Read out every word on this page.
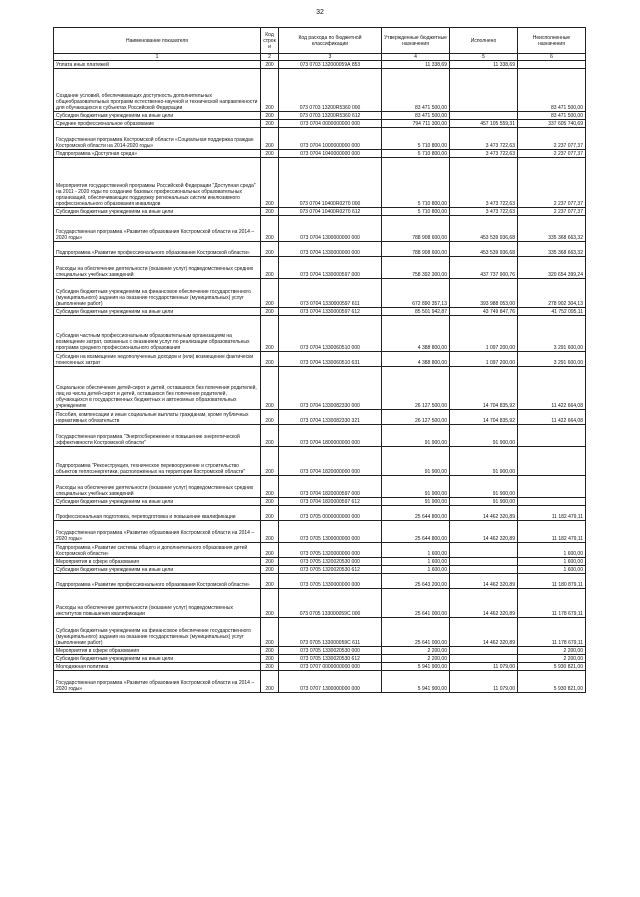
32
Наименование показателя	Код строк и	Код расхода по бюджетной классификации	Утвержденные бюджетные назначения	Исполнено	Неисполненные назначения
1	2	3	4	5	6
Уплата иных платежей	200	073 0703 132000059А 853	11 338,69	11 338,69	
Создание условий, обеспечивающих доступность дополнительных общеобразовательных программ естественно-научной и технической направленности для обучающихся в субъектах Российской Федерации	200	073 0703 13200R5360 000	83 471 500,00		83 471 500,00
Субсидии бюджетным учреждениям на иные цели	200	073 0703 13200R5360 612	83 471 500,00		83 471 500,00
Среднее профессиональное образование	200	073 0704 0000000000 000	794 711 300,00	457 105 559,31	337 605 740,69
Государственная программа Костромской области «Социальная поддержка граждан Костромской области на 2014-2020 годы»	200	073 0704 1000000000 000	5 710 800,00	3 473 722,63	2 237 077,37
Подпрограмма «Доступная среда»	200	073 0704 1040000000 000	5 710 800,00	3 473 722,63	2 237 077,37
Мероприятия государственной программы Российской Федерации "Доступная среда" на 2011 - 2020 годы по созданию базовых профессиональных образовательных организаций, обеспечивающих поддержку региональных систем инклюзивного профессионального образования инвалидов	200	073 0704 10400R0270 000	5 710 800,00	3 473 722,63	2 237 077,37
Субсидии бюджетным учреждениям на иные цели	200	073 0704 10400R0270 612	5 710 800,00	3 473 722,63	2 237 077,37
Государственная программа «Развитие образования Костромской области на 2014 – 2020 годы»	200	073 0704 1300000000 000	788 908 600,00	453 539 936,68	335 368 663,32
Подпрограмма «Развитие профессионального образования Костромской области»	200	073 0704 1330000000 000	788 908 600,00	453 539 936,68	335 368 663,32
Расходы на обеспечение деятельности (оказание услуг) подведомственных средних специальных учебных заведений	200	073 0704 1330000597 000	758 392 300,00	437 737 900,76	320 654 399,24
Субсидии бюджетным учреждениям на финансовое обеспечение государственного (муниципального) задания на оказание государственных (муниципальных) услуг (выполнение работ)	200	073 0704 1330000597 611	672 890 357,13	393 988 053,00	278 902 304,13
Субсидии бюджетным учреждениям на иные цели	200	073 0704 1330000597 612	85 501 942,87	43 749 847,76	41 752 095,11
Субсидии частным профессиональным образовательным организациям на возмещение затрат, связанных с оказанием услуг по реализации образовательных программ среднего профессионального образования	200	073 0704 1330060510 000	4 388 800,00	1 097 200,00	3 291 600,00
Субсидии на возмещение недополученных доходов и (или) возмещение фактически понесенных затрат	200	073 0704 1330060510 631	4 388 800,00	1 097 200,00	3 291 600,00
Социальное обеспечение детей-сирот и детей, оставшихся без попечения родителей, лиц из числа детей-сирот и детей, оставшихся без попечения родителей, обучающихся в государственных бюджетных и автономных образовательных учреждениях	200	073 0704 1330082330 000	26 127 500,00	14 704 835,92	11 422 664,08
Пособия, компенсации и иные социальные выплаты гражданам, кроме публичных нормативных обязательств	200	073 0704 1330082330 321	26 127 500,00	14 704 835,92	11 422 664,08
Государственная программа "Энергосбережение и повышение энергетической эффективности Костромской области"	200	073 0704 1800000000 000	91 900,00	91 900,00	
Подпрограмма "Реконструкция, техническое перевооружение и строительство объектов теплоэнергетики, расположенных на территории Костромской области"	200	073 0704 1820000000 000	91 900,00	91 900,00	
Расходы на обеспечение деятельности (оказание услуг) подведомственных средних специальных учебных заведений	200	073 0704 1820000597 000	91 900,00	91 900,00	
Субсидии бюджетным учреждениям на иные цели	200	073 0704 1820000597 612	91 900,00	91 900,00	
Профессиональная подготовка, переподготовка и повышение квалификации	200	073 0705 0000000000 000	25 644 800,00	14 462 320,89	11 182 479,11
Государственная программа «Развитие образования Костромской области на 2014 – 2020 годы»	200	073 0705 1300000000 000	25 644 800,00	14 462 320,89	11 182 479,11
Подпрограмма «Развитие системы общего и дополнительного образования детей Костромской области»	200	073 0705 1320000000 000	1 600,00		1 600,00
Мероприятия в сфере образования	200	073 0705 1320020530 000	1 600,00		1 600,00
Субсидии бюджетным учреждениям на иные цели	200	073 0705 1320020530 612	1 600,00		1 600,00
Подпрограмма «Развитие профессионального образования Костромской области»	200	073 0705 1330000000 000	25 643 200,00	14 462 320,89	11 180 879,11
Расходы на обеспечение деятельности (оказание услуг) подведомственных институтов повышения квалификации	200	073 0705 133000059С 000	25 641 000,00	14 462 320,89	11 178 679,11
Субсидии бюджетным учреждениям на финансовое обеспечение государственного (муниципального) задания на оказание государственных (муниципальных) услуг (выполнение работ)	200	073 0705 133000059С 611	25 641 000,00	14 462 320,89	11 178 679,11
Мероприятия в сфере образования	200	073 0705 1330020530 000	2 200,00		2 200,00
Субсидии бюджетным учреждениям на иные цели	200	073 0705 1330020530 612	2 200,00		2 200,00
Молодежная политика	200	073 0707 0000000000 000	5 941 900,00	11 079,00	5 930 821,00
Государственная программа «Развитие образования Костромской области на 2014 – 2020 годы»	200	073 0707 1300000000 000	5 941 900,00	11 079,00	5 930 821,00
